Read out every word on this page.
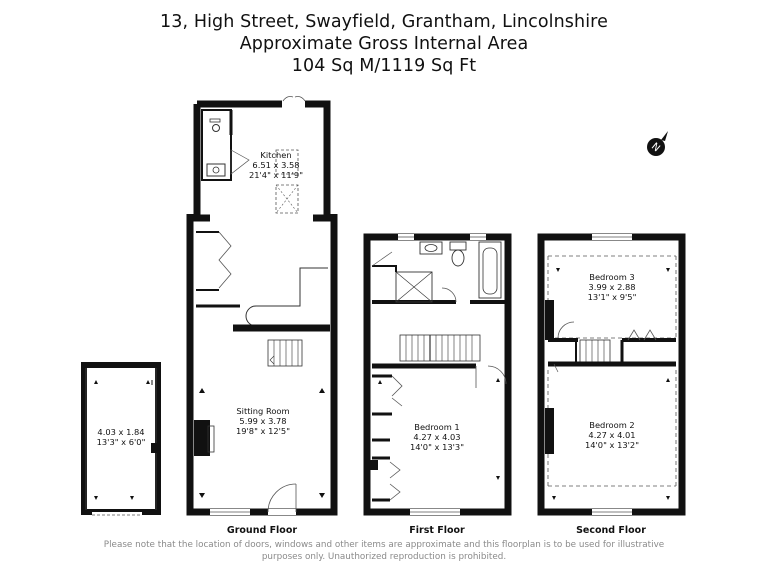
13, High Street, Swayfield, Grantham, Lincolnshire
Approximate Gross Internal Area
104 Sq M/1119 Sq Ft
N
Kitchen
6.51 x 3.58
21'4" x 11'9"
Sitting Room
5.99 x 3.78
19'8" x 12'5"
4.03 x 1.84
13'3" x 6'0"
Bedroom 1
4.27 x 4.03
14'0" x 13'3"
Bedroom 3
3.99 x 2.88
13'1" x 9'5"
Bedroom 2
4.27 x 4.01
14'0" x 13'2"
Ground Floor	First Floor	Second Floor
Please note that the location of doors, windows and other items are approximate and this floorplan is to be used for illustrative
purposes only. Unauthorized reproduction is prohibited.
